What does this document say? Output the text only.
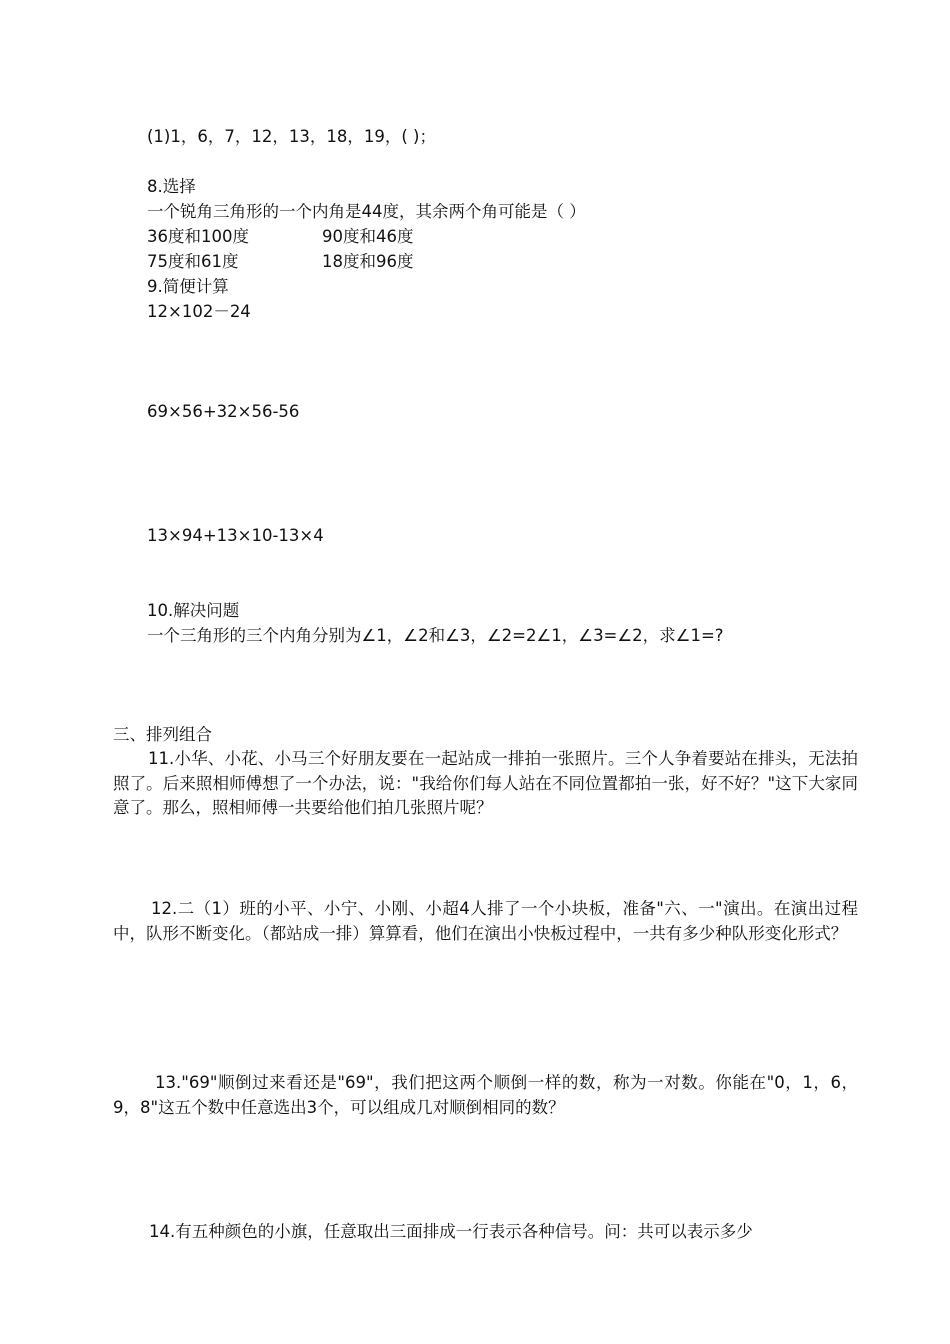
(1)1，6，7，12，13，18，19，( )；
8.选择
一个锐角三角形的一个内角是44度，其余两个角可能是（ ）
36度和100度	90度和46度
75度和61度	18度和96度
9.简便计算
12×102－24
69×56+32×56-56
13×94+13×10-13×4
10.解决问题
一个三角形的三个内角分别为∠1，∠2和∠3，∠2=2∠1，∠3=∠2，求∠1=?
三、排列组合
11.小华、小花、小马三个好朋友要在一起站成一排拍一张照片。三个人争着要站在排头，无法拍照了。后来照相师傅想了一个办法，说："我给你们每人站在不同位置都拍一张，好不好？"这下大家同意了。那么，照相师傅一共要给他们拍几张照片呢？
12.二（1）班的小平、小宁、小刚、小超4人排了一个小块板，准备"六、一"演出。在演出过程中，队形不断变化。（都站成一排）算算看，他们在演出小快板过程中，一共有多少种队形变化形式？
13."69"顺倒过来看还是"69"，我们把这两个顺倒一样的数，称为一对数。你能在"0，1，6，9，8"这五个数中任意选出3个，可以组成几对顺倒相同的数？
14.有五种颜色的小旗，任意取出三面排成一行表示各种信号。问：共可以表示多少
